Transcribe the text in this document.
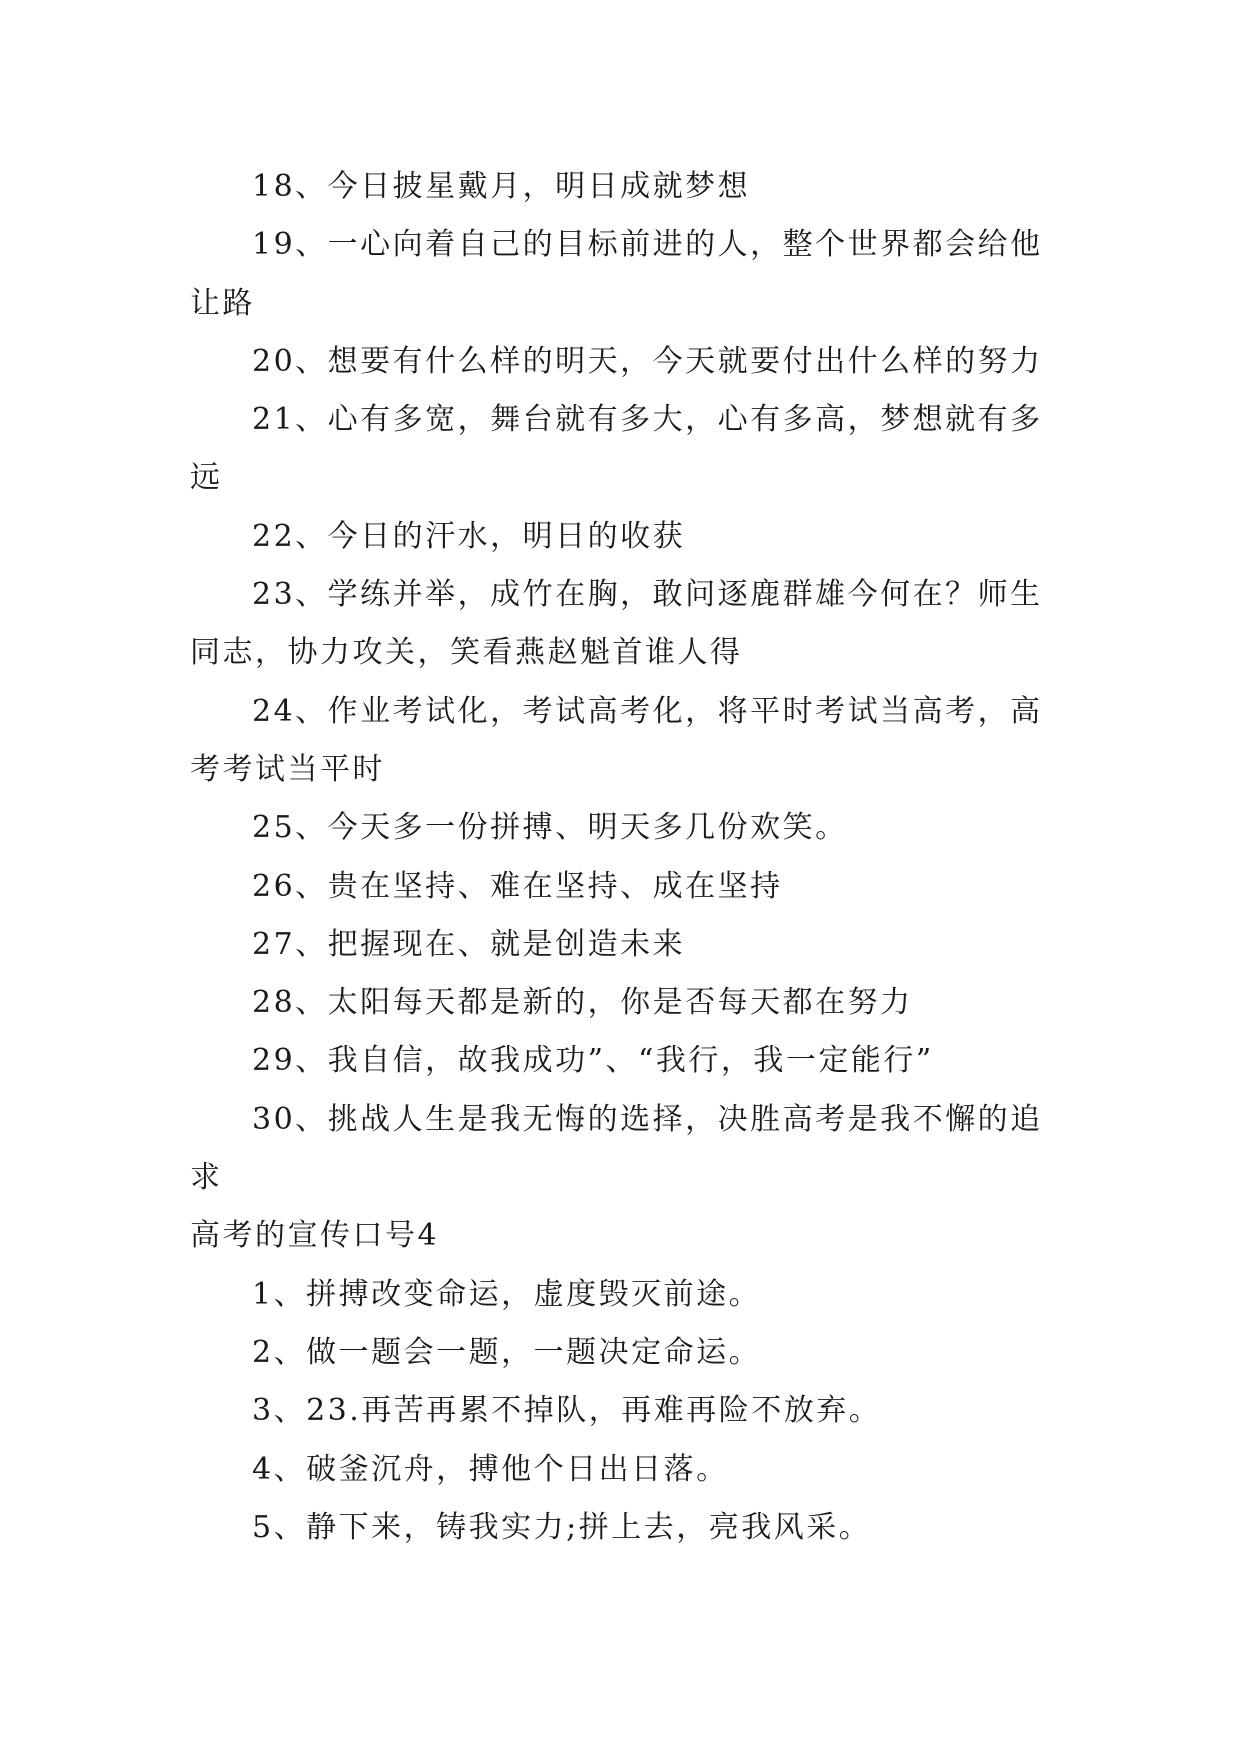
18、今日披星戴月，明日成就梦想

19、一心向着自己的目标前进的人，整个世界都会给他让路

20、想要有什么样的明天，今天就要付出什么样的努力

21、心有多宽，舞台就有多大，心有多高，梦想就有多远

22、今日的汗水，明日的收获

23、学练并举，成竹在胸，敢问逐鹿群雄今何在？师生同志，协力攻关，笑看燕赵魁首谁人得

24、作业考试化，考试高考化，将平时考试当高考，高考考试当平时

25、今天多一份拼搏、明天多几份欢笑。

26、贵在坚持、难在坚持、成在坚持

27、把握现在、就是创造未来

28、太阳每天都是新的，你是否每天都在努力

29、我自信，故我成功”、“我行，我一定能行”

30、挑战人生是我无悔的选择，决胜高考是我不懈的追求

高考的宣传口号4

1、拼搏改变命运，虚度毁灭前途。

2、做一题会一题，一题决定命运。

3、23.再苦再累不掉队，再难再险不放弃。

4、破釜沉舟，搏他个日出日落。

5、静下来，铸我实力;拼上去，亮我风采。
